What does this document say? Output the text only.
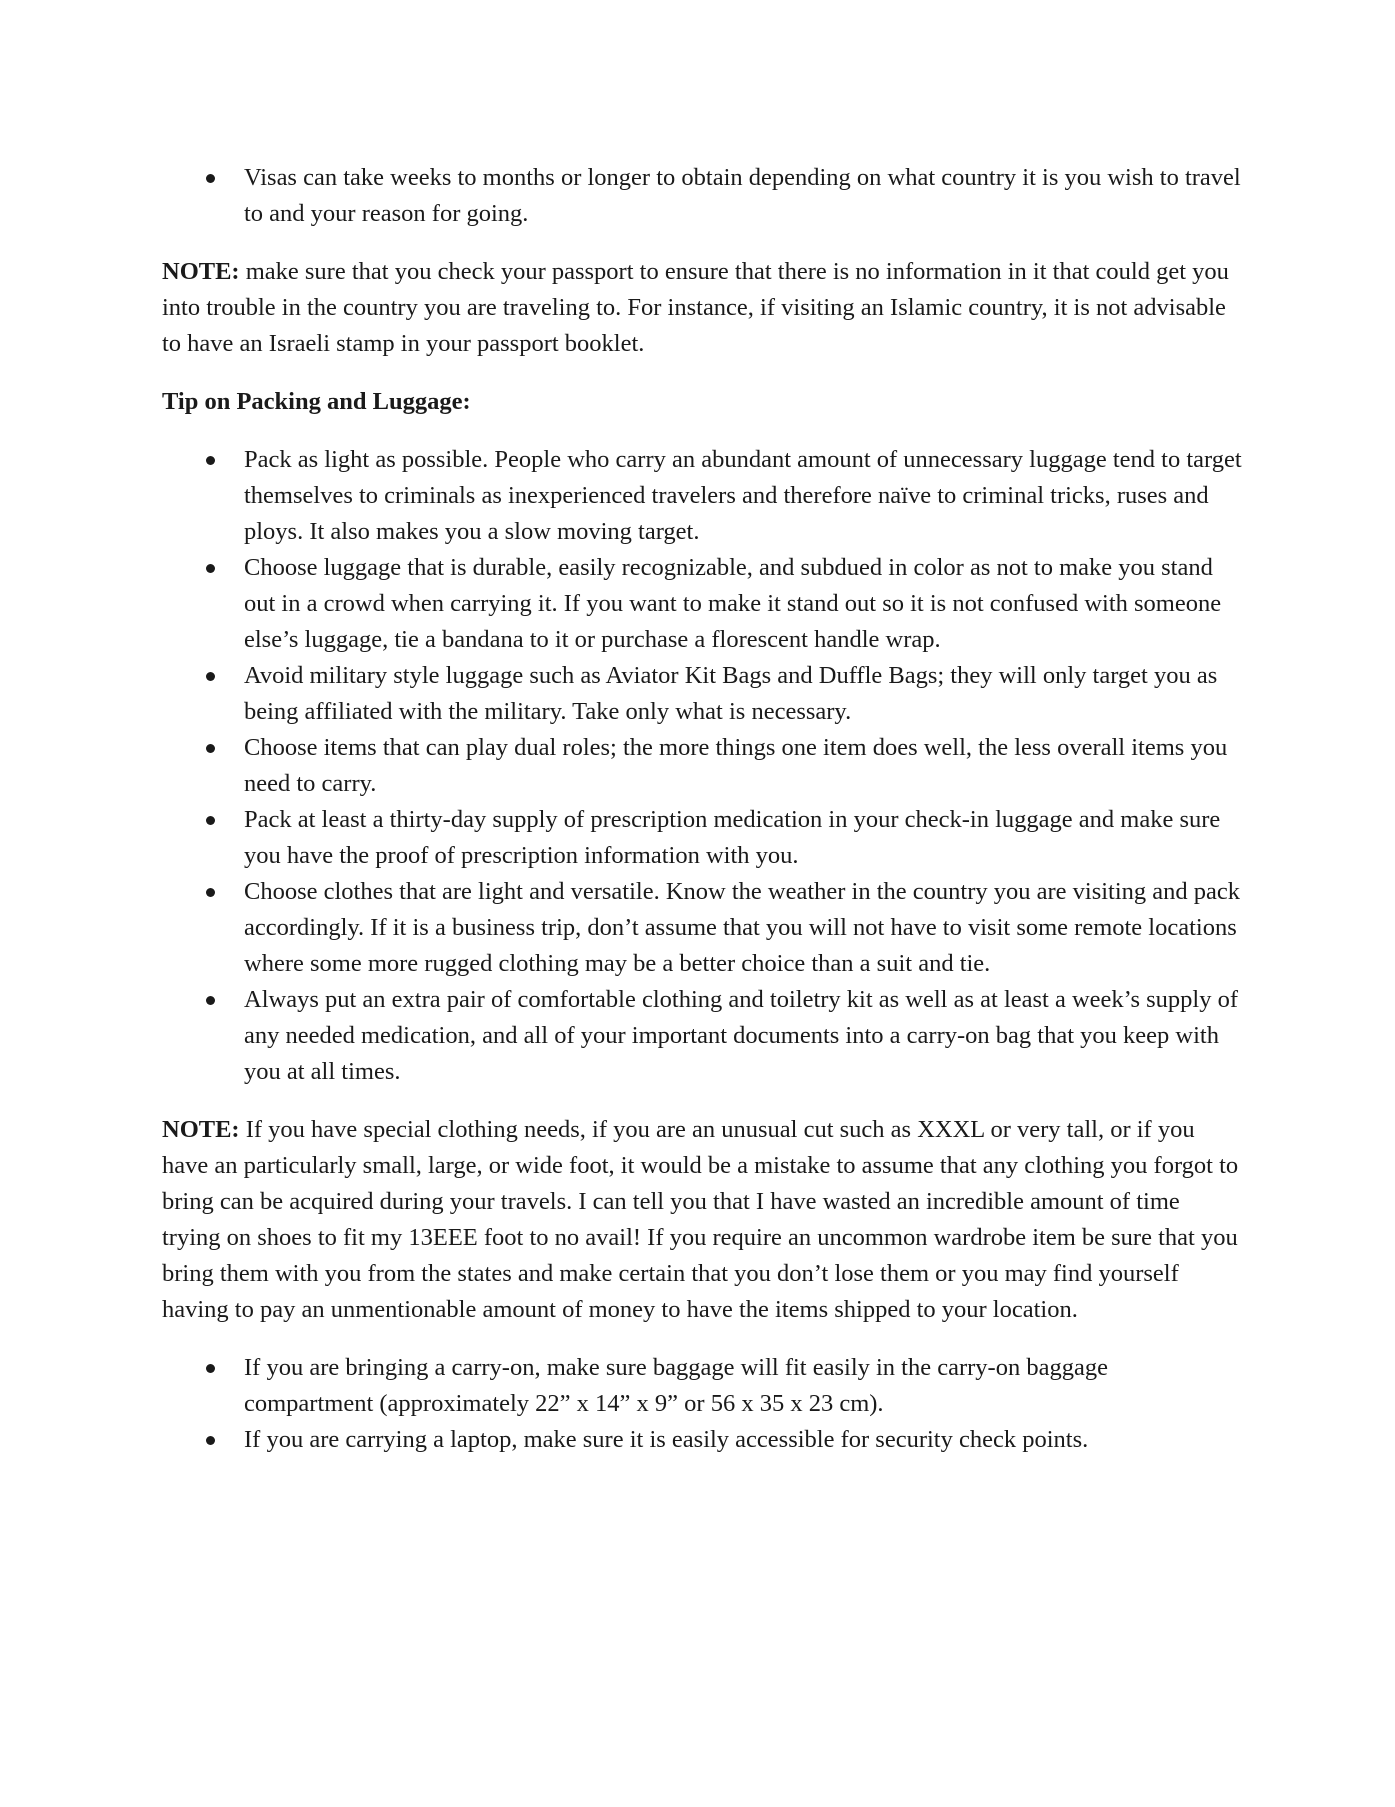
Visas can take weeks to months or longer to obtain depending on what country it is you wish to travel to and your reason for going.

NOTE: make sure that you check your passport to ensure that there is no information in it that could get you into trouble in the country you are traveling to. For instance, if visiting an Islamic country, it is not advisable to have an Israeli stamp in your passport booklet.

Tip on Packing and Luggage:

Pack as light as possible. People who carry an abundant amount of unnecessary luggage tend to target themselves to criminals as inexperienced travelers and therefore naïve to criminal tricks, ruses and ploys. It also makes you a slow moving target.
Choose luggage that is durable, easily recognizable, and subdued in color as not to make you stand out in a crowd when carrying it. If you want to make it stand out so it is not confused with someone else’s luggage, tie a bandana to it or purchase a florescent handle wrap.
Avoid military style luggage such as Aviator Kit Bags and Duffle Bags; they will only target you as being affiliated with the military. Take only what is necessary.
Choose items that can play dual roles; the more things one item does well, the less overall items you need to carry.
Pack at least a thirty-day supply of prescription medication in your check-in luggage and make sure you have the proof of prescription information with you.
Choose clothes that are light and versatile. Know the weather in the country you are visiting and pack accordingly. If it is a business trip, don’t assume that you will not have to visit some remote locations where some more rugged clothing may be a better choice than a suit and tie.
Always put an extra pair of comfortable clothing and toiletry kit as well as at least a week’s supply of any needed medication, and all of your important documents into a carry-on bag that you keep with you at all times.

NOTE: If you have special clothing needs, if you are an unusual cut such as XXXL or very tall, or if you have an particularly small, large, or wide foot, it would be a mistake to assume that any clothing you forgot to bring can be acquired during your travels. I can tell you that I have wasted an incredible amount of time trying on shoes to fit my 13EEE foot to no avail! If you require an uncommon wardrobe item be sure that you bring them with you from the states and make certain that you don’t lose them or you may find yourself having to pay an unmentionable amount of money to have the items shipped to your location.

If you are bringing a carry-on, make sure baggage will fit easily in the carry-on baggage compartment (approximately 22” x 14” x 9” or 56 x 35 x 23 cm).
If you are carrying a laptop, make sure it is easily accessible for security check points.
